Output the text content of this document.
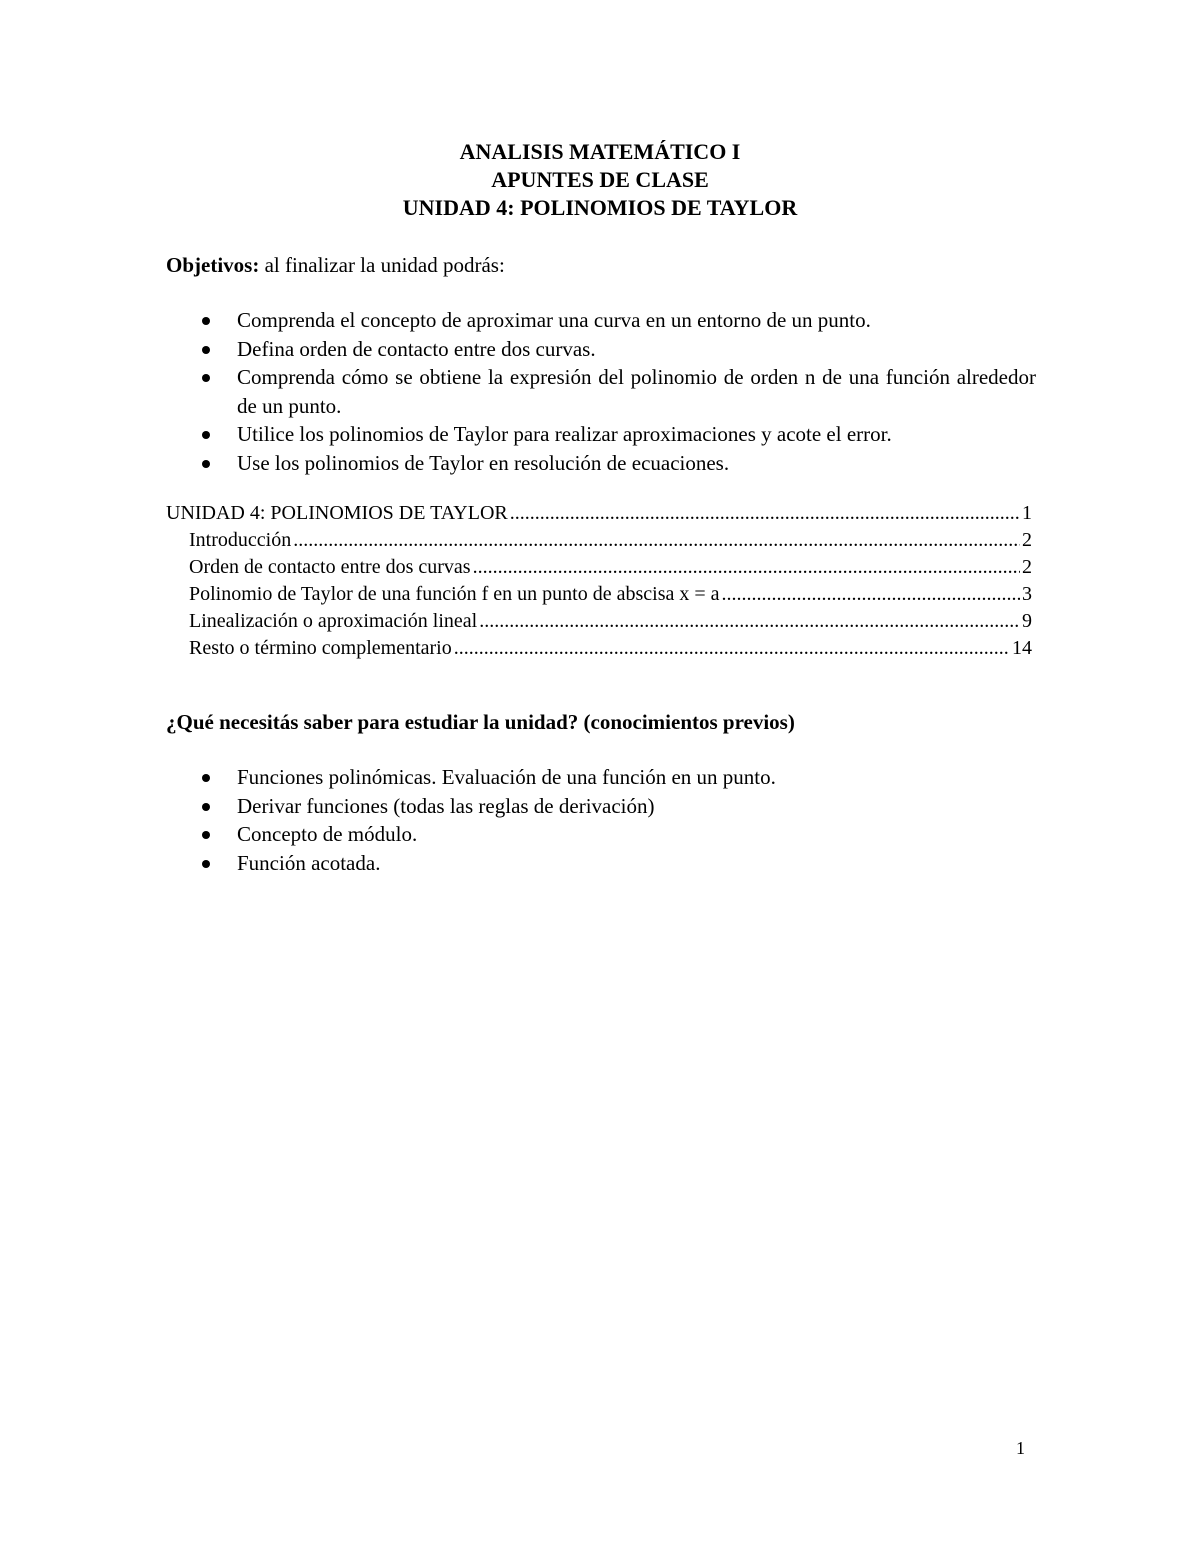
ANALISIS MATEMÁTICO I
APUNTES DE CLASE
UNIDAD 4: POLINOMIOS DE TAYLOR
Objetivos: al finalizar la unidad podrás:
Comprenda el concepto de aproximar una curva en un entorno de un punto.
Defina orden de contacto entre dos curvas.
Comprenda cómo se obtiene la expresión del polinomio de orden n de una función alrededor de un punto.
Utilice los polinomios de Taylor para realizar aproximaciones y acote el error.
Use los polinomios de Taylor en resolución de ecuaciones.
UNIDAD 4: POLINOMIOS DE TAYLOR .....	1
Introducción .....	2
Orden de contacto entre dos curvas .....	2
Polinomio de Taylor de una función f en un punto de abscisa x = a .....	3
Linealización o aproximación lineal .....	9
Resto o término complementario .....	14
¿Qué necesitás saber para estudiar la unidad? (conocimientos previos)
Funciones polinómicas. Evaluación de una función en un punto.
Derivar funciones (todas las reglas de derivación)
Concepto de módulo.
Función acotada.
1
